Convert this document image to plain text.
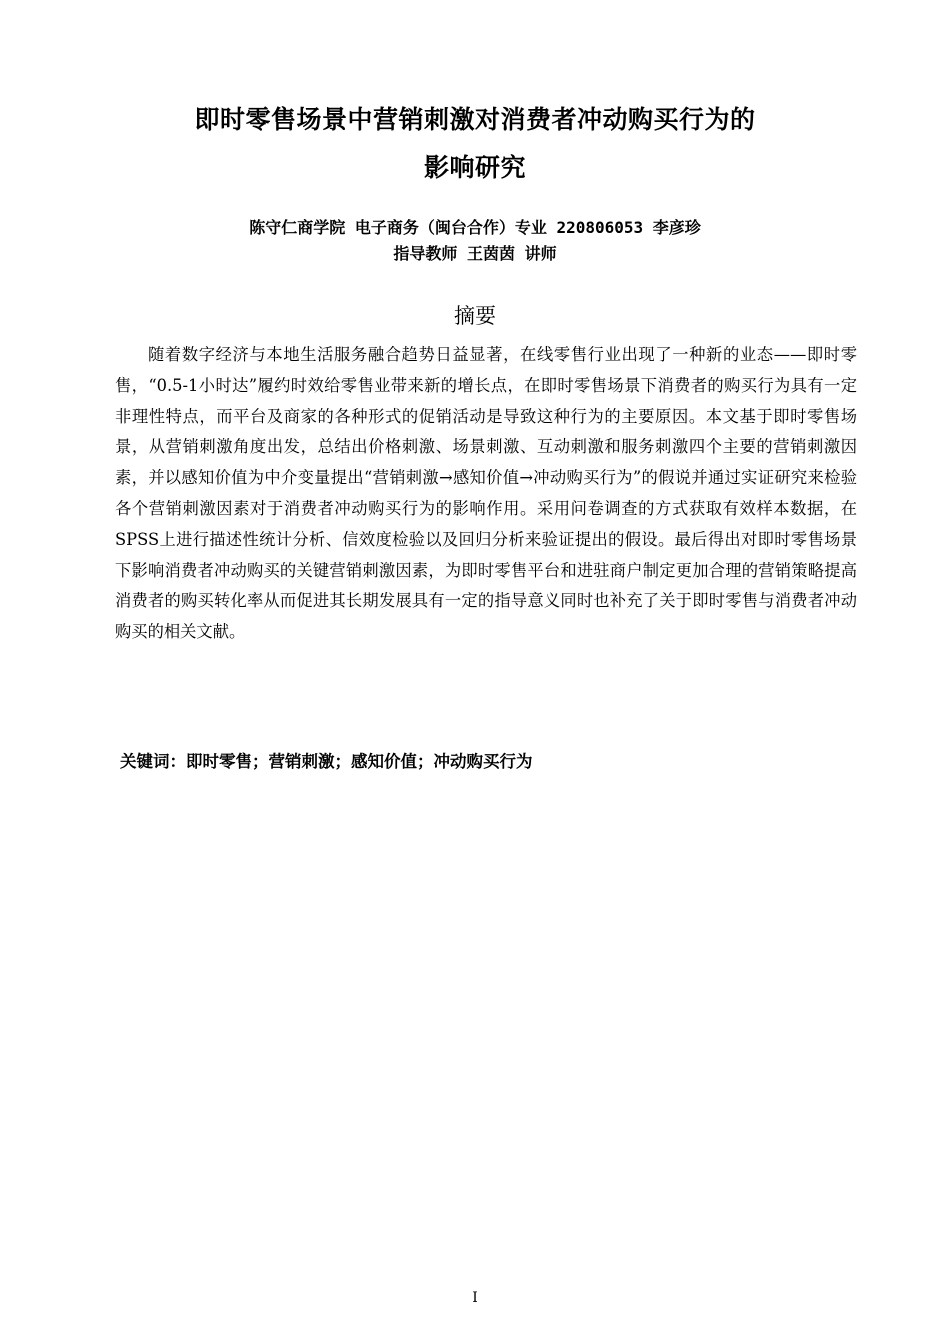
即时零售场景中营销刺激对消费者冲动购买行为的
影响研究
陈守仁商学院 电子商务（闽台合作）专业 220806053 李彦珍
指导教师 王茵茵 讲师
摘要

随着数字经济与本地生活服务融合趋势日益显著，在线零售行业出现了一种新的业态——即时零售，“0.5-1小时达”履约时效给零售业带来新的增长点，在即时零售场景下消费者的购买行为具有一定非理性特点，而平台及商家的各种形式的促销活动是导致这种行为的主要原因。本文基于即时零售场景，从营销刺激角度出发，总结出价格刺激、场景刺激、互动刺激和服务刺激四个主要的营销刺激因素，并以感知价值为中介变量提出“营销刺激→感知价值→冲动购买行为”的假说并通过实证研究来检验各个营销刺激因素对于消费者冲动购买行为的影响作用。采用问卷调查的方式获取有效样本数据，在SPSS上进行描述性统计分析、信效度检验以及回归分析来验证提出的假设。最后得出对即时零售场景下影响消费者冲动购买的关键营销刺激因素，为即时零售平台和进驻商户制定更加合理的营销策略提高消费者的购买转化率从而促进其长期发展具有一定的指导意义同时也补充了关于即时零售与消费者冲动购买的相关文献。

关键词：即时零售；营销刺激；感知价值；冲动购买行为
I
